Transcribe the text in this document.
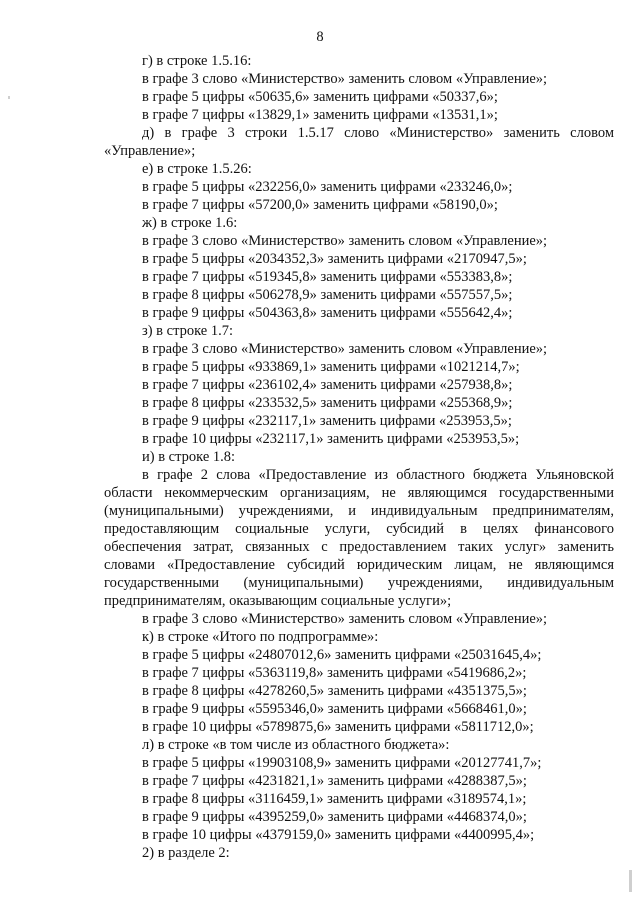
8
г) в строке 1.5.16:
в графе 3 слово «Министерство» заменить словом «Управление»;
в графе 5 цифры «50635,6» заменить цифрами «50337,6»;
в графе 7 цифры «13829,1» заменить цифрами «13531,1»;
д) в графе 3 строки 1.5.17 слово «Министерство» заменить словом
«Управление»;
е) в строке 1.5.26:
в графе 5 цифры «232256,0» заменить цифрами «233246,0»;
в графе 7 цифры «57200,0» заменить цифрами «58190,0»;
ж) в строке 1.6:
в графе 3 слово «Министерство» заменить словом «Управление»;
в графе 5 цифры «2034352,3» заменить цифрами «2170947,5»;
в графе 7 цифры «519345,8» заменить цифрами «553383,8»;
в графе 8 цифры «506278,9» заменить цифрами «557557,5»;
в графе 9 цифры «504363,8» заменить цифрами «555642,4»;
з) в строке 1.7:
в графе 3 слово «Министерство» заменить словом «Управление»;
в графе 5 цифры «933869,1» заменить цифрами «1021214,7»;
в графе 7 цифры «236102,4» заменить цифрами «257938,8»;
в графе 8 цифры «233532,5» заменить цифрами «255368,9»;
в графе 9 цифры «232117,1» заменить цифрами «253953,5»;
в графе 10 цифры «232117,1» заменить цифрами «253953,5»;
и) в строке 1.8:
в графе 2 слова «Предоставление из областного бюджета Ульяновской
области некоммерческим организациям, не являющимся государственными
(муниципальными) учреждениями, и индивидуальным предпринимателям,
предоставляющим социальные услуги, субсидий в целях финансового
обеспечения затрат, связанных с предоставлением таких услуг» заменить
словами «Предоставление субсидий юридическим лицам, не являющимся
государственными (муниципальными) учреждениями, индивидуальным
предпринимателям, оказывающим социальные услуги»;
в графе 3 слово «Министерство» заменить словом «Управление»;
к) в строке «Итого по подпрограмме»:
в графе 5 цифры «24807012,6» заменить цифрами «25031645,4»;
в графе 7 цифры «5363119,8» заменить цифрами «5419686,2»;
в графе 8 цифры «4278260,5» заменить цифрами «4351375,5»;
в графе 9 цифры «5595346,0» заменить цифрами «5668461,0»;
в графе 10 цифры «5789875,6» заменить цифрами «5811712,0»;
л) в строке «в том числе из областного бюджета»:
в графе 5 цифры «19903108,9» заменить цифрами «20127741,7»;
в графе 7 цифры «4231821,1» заменить цифрами «4288387,5»;
в графе 8 цифры «3116459,1» заменить цифрами «3189574,1»;
в графе 9 цифры «4395259,0» заменить цифрами «4468374,0»;
в графе 10 цифры «4379159,0» заменить цифрами «4400995,4»;
2) в разделе 2:
